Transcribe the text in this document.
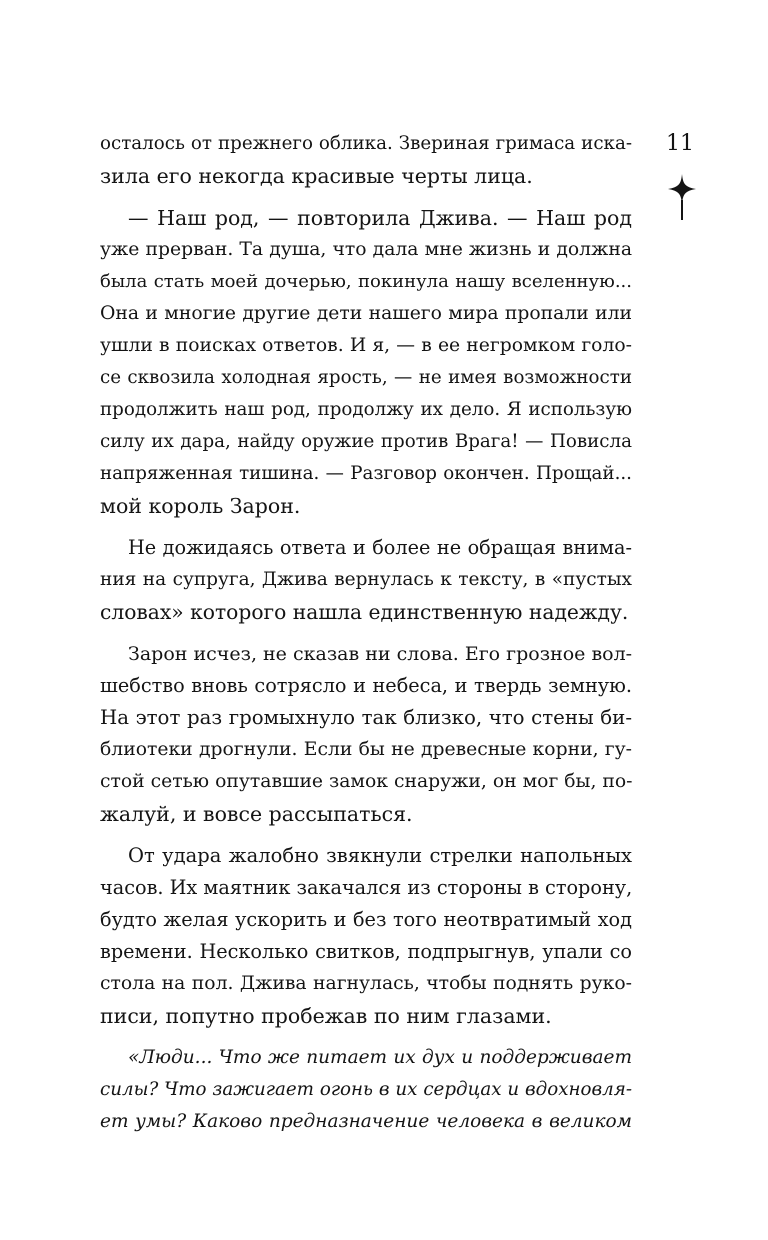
11
осталось от прежнего облика. Звериная гримаса иска-
зила его некогда красивые черты лица.
— Наш род, — повторила Джива. — Наш род
уже прерван. Та душа, что дала мне жизнь и должна
была стать моей дочерью, покинула нашу вселенную...
Она и многие другие дети нашего мира пропали или
ушли в поисках ответов. И я, — в ее негромком голо-
се сквозила холодная ярость, — не имея возможности
продолжить наш род, продолжу их дело. Я использую
силу их дара, найду оружие против Врага! — Повисла
напряженная тишина. — Разговор окончен. Прощай...
мой король Зарон.
Не дожидаясь ответа и более не обращая внима-
ния на супруга, Джива вернулась к тексту, в «пустых
словах» которого нашла единственную надежду.
Зарон исчез, не сказав ни слова. Его грозное вол-
шебство вновь сотрясло и небеса, и твердь земную.
На этот раз громыхнуло так близко, что стены би-
блиотеки дрогнули. Если бы не древесные корни, гу-
стой сетью опутавшие замок снаружи, он мог бы, по-
жалуй, и вовсе рассыпаться.
От удара жалобно звякнули стрелки напольных
часов. Их маятник закачался из стороны в сторону,
будто желая ускорить и без того неотвратимый ход
времени. Несколько свитков, подпрыгнув, упали со
стола на пол. Джива нагнулась, чтобы поднять руко-
писи, попутно пробежав по ним глазами.
«Люди... Что же питает их дух и поддерживает
силы? Что зажигает огонь в их сердцах и вдохновля-
ет умы? Каково предназначение человека в великом
